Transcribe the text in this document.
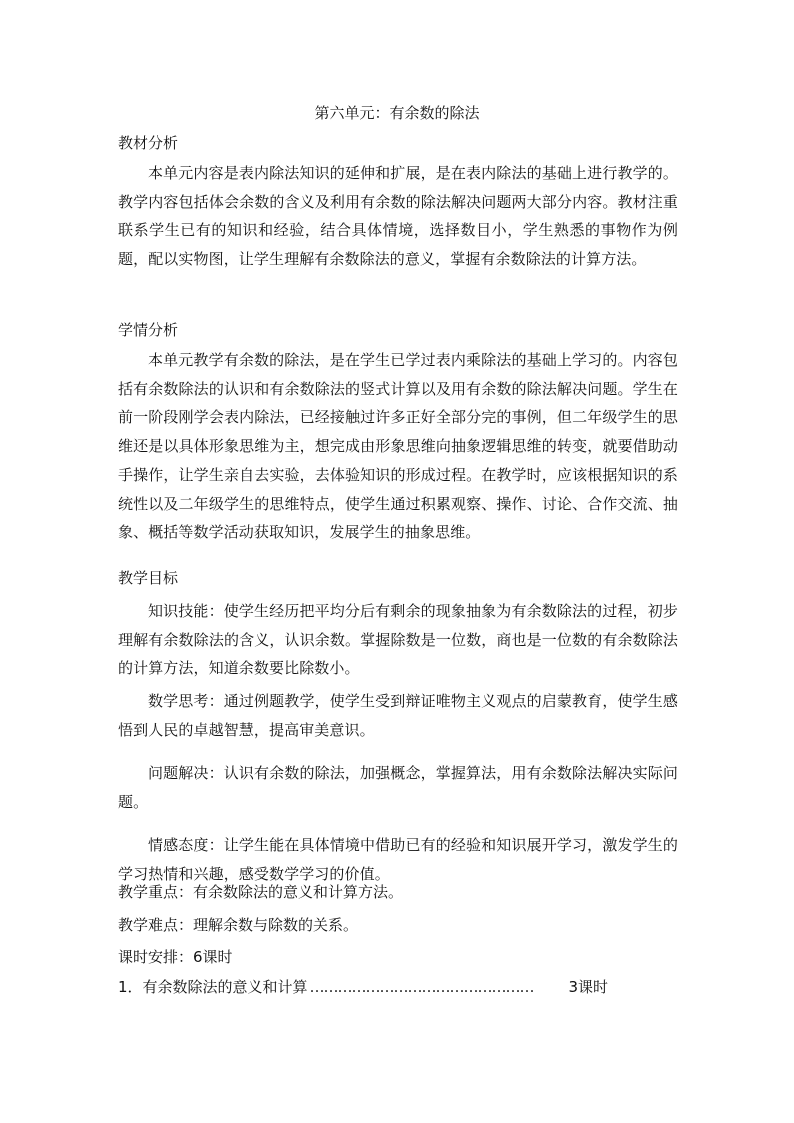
第六单元：有余数的除法
教材分析
本单元内容是表内除法知识的延伸和扩展，是在表内除法的基础上进行教学的。教学内容包括体会余数的含义及利用有余数的除法解决问题两大部分内容。教材注重联系学生已有的知识和经验，结合具体情境，选择数目小，学生熟悉的事物作为例题，配以实物图，让学生理解有余数除法的意义，掌握有余数除法的计算方法。
学情分析
本单元教学有余数的除法，是在学生已学过表内乘除法的基础上学习的。内容包括有余数除法的认识和有余数除法的竖式计算以及用有余数的除法解决问题。学生在前一阶段刚学会表内除法，已经接触过许多正好全部分完的事例，但二年级学生的思维还是以具体形象思维为主，想完成由形象思维向抽象逻辑思维的转变，就要借助动手操作，让学生亲自去实验，去体验知识的形成过程。在教学时，应该根据知识的系统性以及二年级学生的思维特点，使学生通过积累观察、操作、讨论、合作交流、抽象、概括等数学活动获取知识，发展学生的抽象思维。
教学目标
知识技能：使学生经历把平均分后有剩余的现象抽象为有余数除法的过程，初步理解有余数除法的含义，认识余数。掌握除数是一位数，商也是一位数的有余数除法的计算方法，知道余数要比除数小。
数学思考：通过例题教学，使学生受到辩证唯物主义观点的启蒙教育，使学生感悟到人民的卓越智慧，提高审美意识。
问题解决：认识有余数的除法，加强概念，掌握算法，用有余数除法解决实际问题。
情感态度：让学生能在具体情境中借助已有的经验和知识展开学习，激发学生的学习热情和兴趣，感受数学学习的价值。
教学重点：有余数除法的意义和计算方法。
教学难点：理解余数与除数的关系。
课时安排：6课时
1．有余数除法的意义和计算 …………………………………………	3课时
